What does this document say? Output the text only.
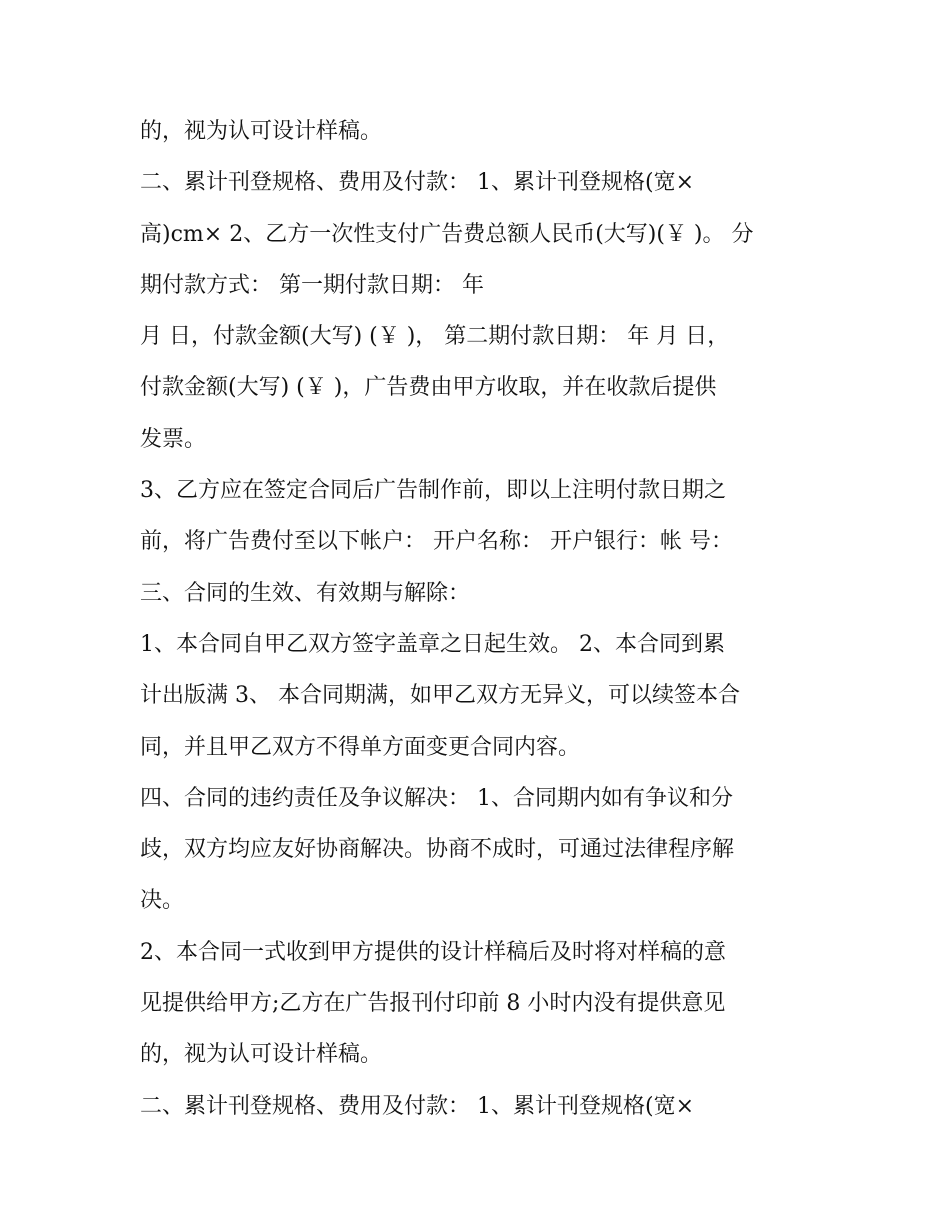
的，视为认可设计样稿。
二、累计刊登规格、费用及付款： 1、累计刊登规格(宽×
高)cm× 2、乙方一次性支付广告费总额人民币(大写)(￥ )。 分
期付款方式： 第一期付款日期： 年
月 日，付款金额(大写) (￥ )， 第二期付款日期： 年 月 日，
付款金额(大写) (￥ )，广告费由甲方收取，并在收款后提供
发票。
3、乙方应在签定合同后广告制作前，即以上注明付款日期之
前，将广告费付至以下帐户： 开户名称： 开户银行：帐 号：
三、合同的生效、有效期与解除：
1、本合同自甲乙双方签字盖章之日起生效。 2、本合同到累
计出版满 3、 本合同期满，如甲乙双方无异义，可以续签本合
同，并且甲乙双方不得单方面变更合同内容。
四、合同的违约责任及争议解决： 1、合同期内如有争议和分
歧，双方均应友好协商解决。协商不成时，可通过法律程序解
决。
2、本合同一式收到甲方提供的设计样稿后及时将对样稿的意
见提供给甲方;乙方在广告报刊付印前 8 小时内没有提供意见
的，视为认可设计样稿。
二、累计刊登规格、费用及付款： 1、累计刊登规格(宽×
